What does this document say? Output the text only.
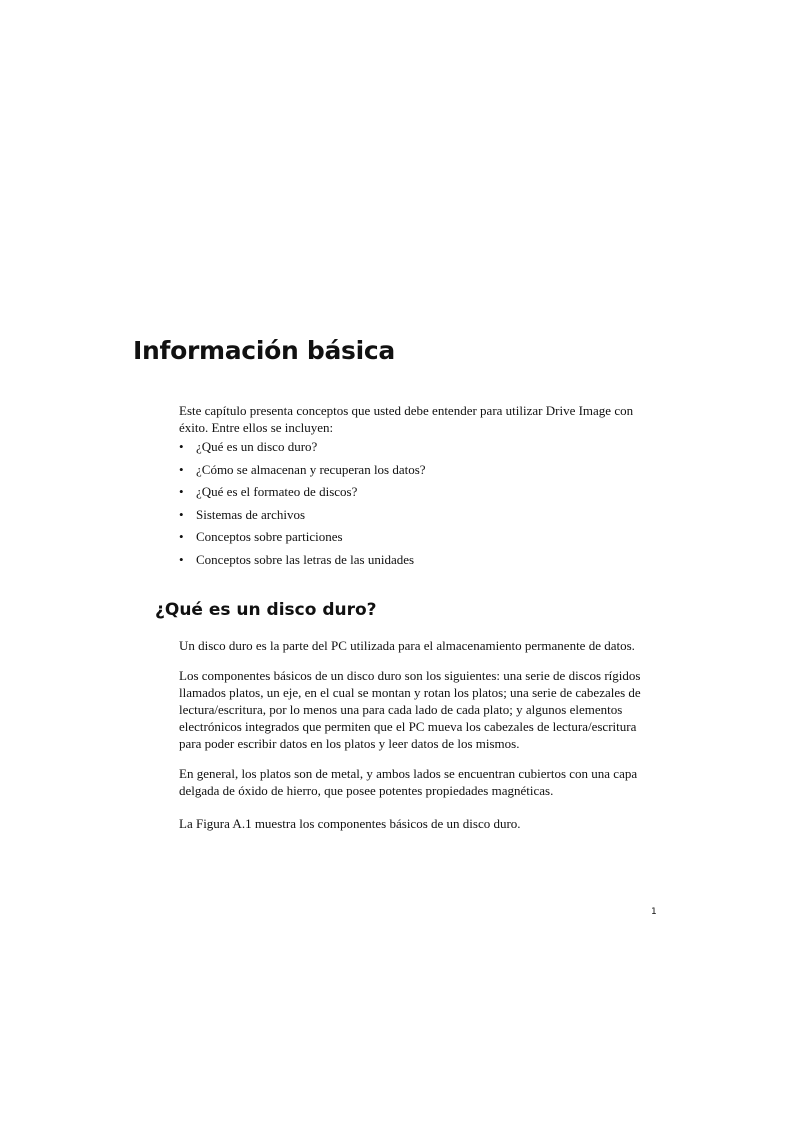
Información básica

Este capítulo presenta conceptos que usted debe entender para utilizar Drive Image con éxito. Entre ellos se incluyen:

• ¿Qué es un disco duro?
• ¿Cómo se almacenan y recuperan los datos?
• ¿Qué es el formateo de discos?
• Sistemas de archivos
• Conceptos sobre particiones
• Conceptos sobre las letras de las unidades
¿Qué es un disco duro?

Un disco duro es la parte del PC utilizada para el almacenamiento permanente de datos.

Los componentes básicos de un disco duro son los siguientes: una serie de discos rígidos llamados platos, un eje, en el cual se montan y rotan los platos; una serie de cabezales de lectura/escritura, por lo menos una para cada lado de cada plato; y algunos elementos electrónicos integrados que permiten que el PC mueva los cabezales de lectura/escritura para poder escribir datos en los platos y leer datos de los mismos.

En general, los platos son de metal, y ambos lados se encuentran cubiertos con una capa delgada de óxido de hierro, que posee potentes propiedades magnéticas.

La Figura A.1 muestra los componentes básicos de un disco duro.

1
